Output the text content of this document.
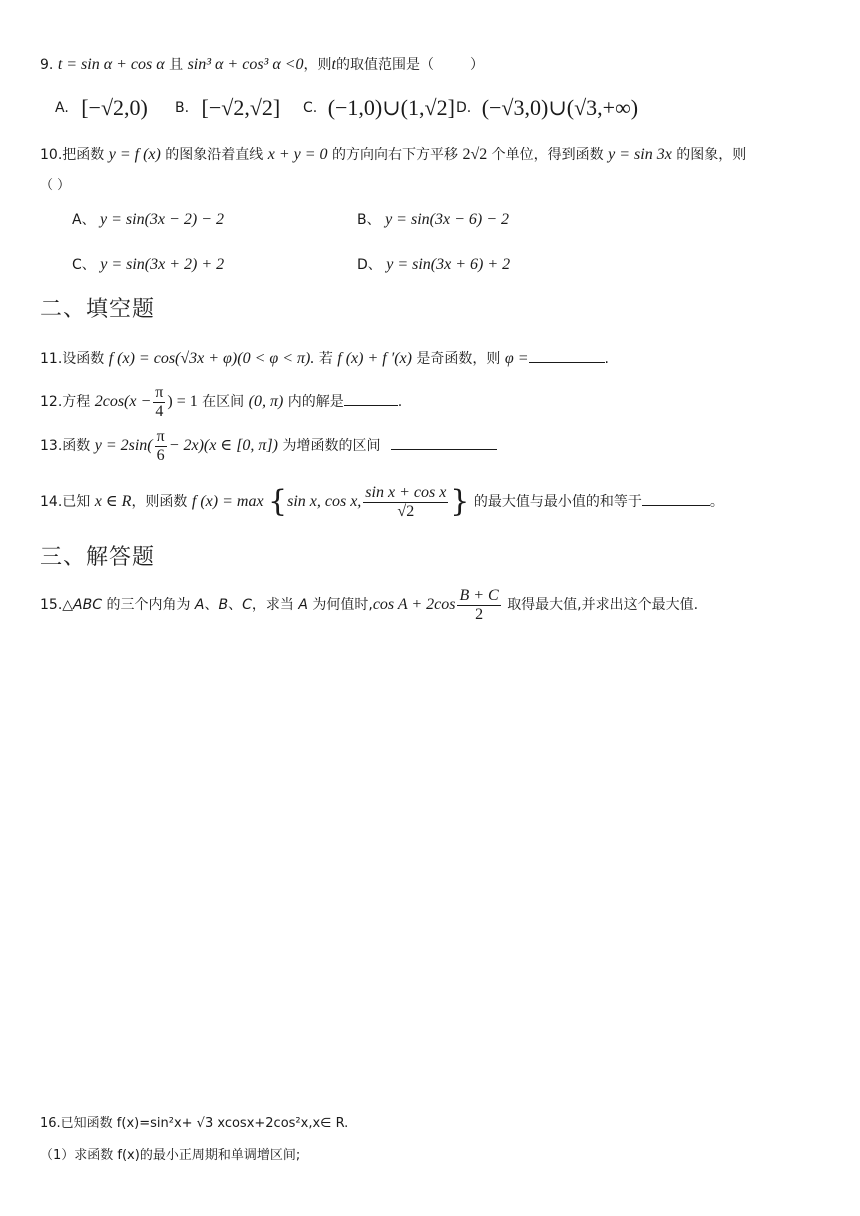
9. t = sin α + cos α 且 sin³ α + cos³ α <0，则t的取值范围是（	）
A. [−√2,0) B. [−√2,√2] C. (−1,0)∪(1,√2] D. (−√3,0)∪(√3,+∞)
10.把函数 y = f (x) 的图象沿着直线 x + y = 0 的方向向右下方平移 2√2 个单位，得到函数 y = sin 3x 的图象，则
（ ）
A、 y = sin(3x − 2) − 2	B、 y = sin(3x − 6) − 2
C、 y = sin(3x + 2) + 2	D、 y = sin(3x + 6) + 2
二、填空题
11.设函数 f (x) = cos(√3x + φ)(0 < φ < π). 若 f (x) + f ′(x) 是奇函数，则 φ =	.
12.方程 $2\cos(x - \frac{\pi}{4}$ ) = 1 在区间 (0, π) 内的解是	.
13.函数 $y = 2\sin( \frac{\pi}{6} - 2x)(x$ ∈ [0, π]) 为增函数的区间
14.已知 x ∈ R，则函数 f (x) = max {sin x, cos x, $\frac{\text{sin x + cos x}}{√2}$ } 的最大值与最小值的和等于	。
三、解答题
15.△ABC 的三个内角为 A、B、C，求当 A 为何值时,cos $A + 2\cos \frac{B + C}{2}$ 取得最大值,并求出这个最大值.
16.已知函数 f(x)=sin²x+ √3 xcosx+2cos²x,x∈ R.
（1）求函数 f(x)的最小正周期和单调增区间;
